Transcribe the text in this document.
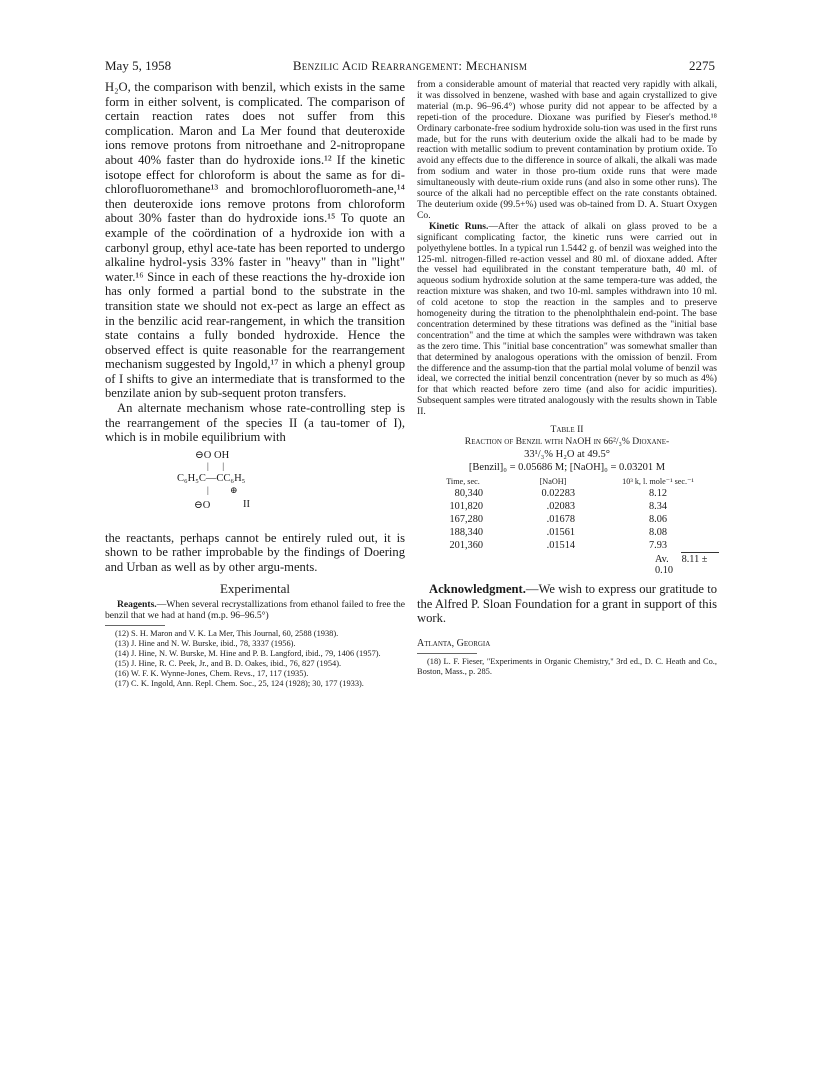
May 5, 1958	Benzilic Acid Rearrangement: Mechanism	2275

H₂O, the comparison with benzil, which exists in the same form in either solvent, is complicated. The comparison of certain reaction rates does not suffer from this complication. Maron and La Mer found that deuteroxide ions remove protons from nitroethane and 2-nitropropane about 40% faster than do hydroxide ions.¹² If the kinetic isotope effect for chloroform is about the same as for di-chlorofluoromethane¹³ and bromochlorofluorometh-ane,¹⁴ then deuteroxide ions remove protons from chloroform about 30% faster than do hydroxide ions.¹⁵ To quote an example of the coördination of a hydroxide ion with a carbonyl group, ethyl ace-tate has been reported to undergo alkaline hydrol-ysis 33% faster in "heavy" than in "light" water.¹⁶ Since in each of these reactions the hy-droxide ion has only formed a partial bond to the substrate in the transition state we should not ex-pect as large an effect as in the benzilic acid rear-rangement, in which the transition state contains a fully bonded hydroxide. Hence the observed effect is quite reasonable for the rearrangement mechanism suggested by Ingold,¹⁷ in which a phenyl group of I shifts to give an intermediate that is transformed to the benzilate anion by sub-sequent proton transfers.

An alternate mechanism whose rate-controlling step is the rearrangement of the species II (a tau-tomer of I), which is in mobile equilibrium with

⊖O OH
|      |
C₆H₅C—CC₆H₅
| ⊕
⊖O	II

the reactants, perhaps cannot be entirely ruled out, it is shown to be rather improbable by the findings of Doering and Urban as well as by other argu-ments.

Experimental

Reagents.—When several recrystallizations from ethanol failed to free the benzil that we had at hand (m.p. 96–96.5°)

(12) S. H. Maron and V. K. La Mer, This Journal, 60, 2588 (1938).

(13) J. Hine and N. W. Burske, ibid., 78, 3337 (1956).

(14) J. Hine, N. W. Burske, M. Hine and P. B. Langford, ibid., 79, 1406 (1957).

(15) J. Hine, R. C. Peek, Jr., and B. D. Oakes, ibid., 76, 827 (1954).

(16) W. F. K. Wynne-Jones, Chem. Revs., 17, 117 (1935).

(17) C. K. Ingold, Ann. Repl. Chem. Soc., 25, 124 (1928); 30, 177 (1933).

from a considerable amount of material that reacted very rapidly with alkali, it was dissolved in benzene, washed with base and again crystallized to give material (m.p. 96–96.4°) whose purity did not appear to be affected by a repeti-tion of the procedure. Dioxane was purified by Fieser's method.¹⁸ Ordinary carbonate-free sodium hydroxide solu-tion was used in the first runs made, but for the runs with deuterium oxide the alkali had to be made by reaction with metallic sodium to prevent contamination by protium oxide. To avoid any effects due to the difference in source of alkali, the alkali was made from sodium and water in those pro-tium oxide runs that were made simultaneously with deute-rium oxide runs (and also in some other runs). The source of the alkali had no perceptible effect on the rate constants obtained. The deuterium oxide (99.5+%) used was ob-tained from D. A. Stuart Oxygen Co.

Kinetic Runs.—After the attack of alkali on glass proved to be a significant complicating factor, the kinetic runs were carried out in polyethylene bottles. In a typical run 1.5442 g. of benzil was weighed into the 125-ml. nitrogen-filled re-action vessel and 80 ml. of dioxane added. After the vessel had equilibrated in the constant temperature bath, 40 ml. of aqueous sodium hydroxide solution at the same tempera-ture was added, the reaction mixture was shaken, and two 10-ml. samples withdrawn into 10 ml. of cold acetone to stop the reaction in the samples and to preserve homogeneity during the titration to the phenolphthalein end-point. The base concentration determined by these titrations was defined as the "initial base concentration" and the time at which the samples were withdrawn was taken as the zero time. This "initial base concentration" was somewhat smaller than that determined by analogous operations with the omission of benzil. From the difference and the assump-tion that the partial molal volume of benzil was ideal, we corrected the initial benzil concentration (never by so much as 4%) for that which reacted before zero time (and also for acidic impurities). Subsequent samples were titrated analogously with the results shown in Table II.

Table II
Reaction of Benzil with NaOH in 66²/₃% Dioxane-
33¹/₃% H₂O at 49.5°
[Benzil]₀ = 0.05686 M; [NaOH]₀ = 0.03201 M
Time, sec.	[NaOH]	10³ k, l. mole⁻¹ sec.⁻¹
80,340	0.02283	8.12
101,820	.02083	8.34
167,280	.01678	8.06
188,340	.01561	8.08
201,360	.01514	7.93
Av. 8.11 ± 0.10

Acknowledgment.—We wish to express our gratitude to the Alfred P. Sloan Foundation for a grant in support of this work.

Atlanta, Georgia

(18) L. F. Fieser, "Experiments in Organic Chemistry," 3rd ed., D. C. Heath and Co., Boston, Mass., p. 285.
